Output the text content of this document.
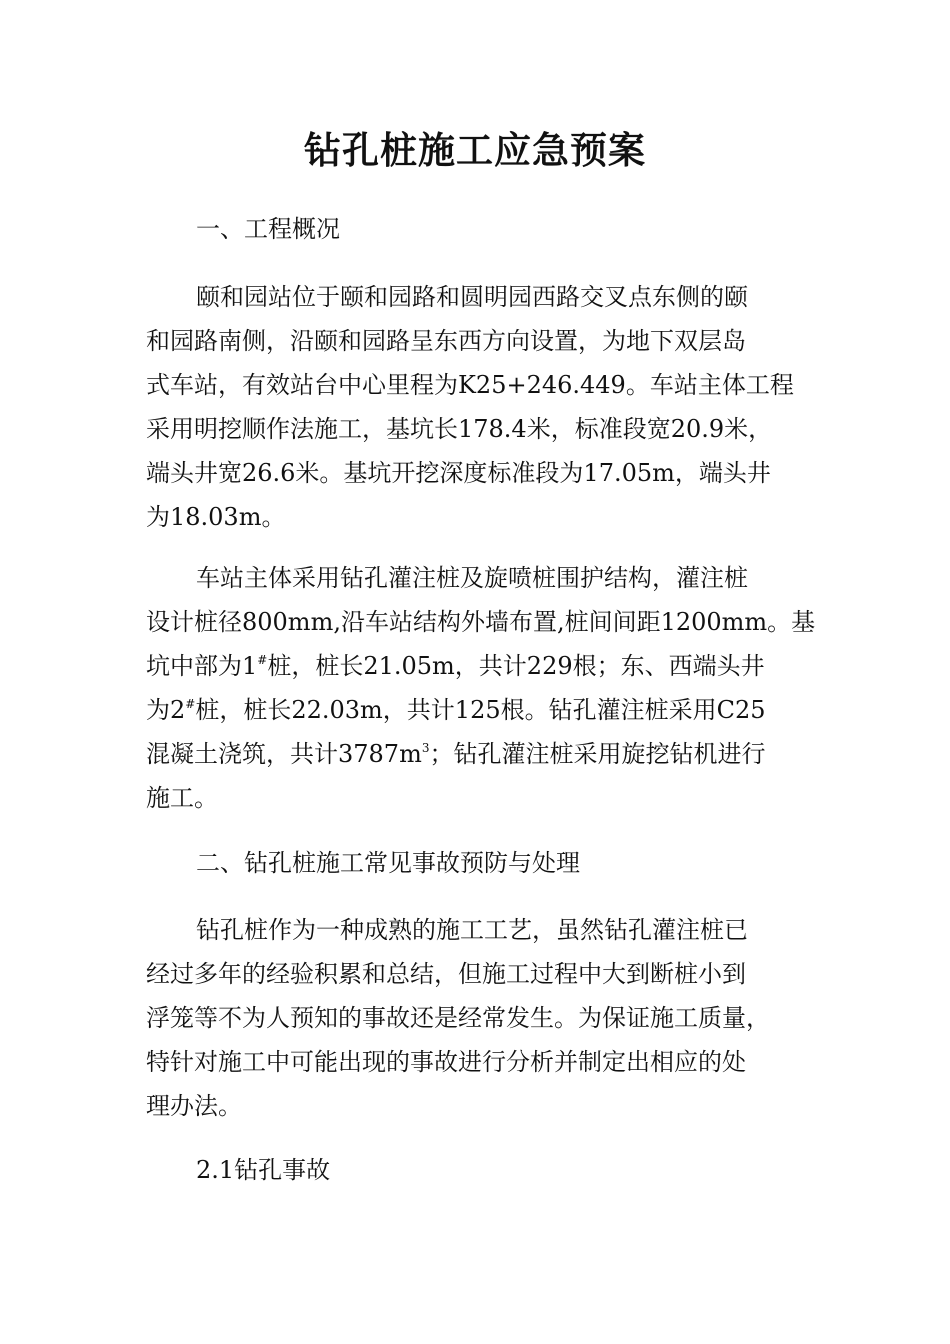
钻孔桩施工应急预案

一、工程概况

颐和园站位于颐和园路和圆明园西路交叉点东侧的颐
和园路南侧，沿颐和园路呈东西方向设置，为地下双层岛
式车站，有效站台中心里程为K25+246.449。车站主体工程
采用明挖顺作法施工，基坑长178.4米，标准段宽20.9米，
端头井宽26.6米。基坑开挖深度标准段为17.05m，端头井
为18.03m。
车站主体采用钻孔灌注桩及旋喷桩围护结构，灌注桩
设计桩径800mm,沿车站结构外墙布置,桩间间距1200mm。基
坑中部为1#桩，桩长21.05m，共计229根；东、西端头井
为2#桩，桩长22.03m，共计125根。钻孔灌注桩采用C25
混凝土浇筑，共计$3787m^3$；钻孔灌注桩采用旋挖钻机进行
施工。

二、钻孔桩施工常见事故预防与处理

钻孔桩作为一种成熟的施工工艺，虽然钻孔灌注桩已
经过多年的经验积累和总结，但施工过程中大到断桩小到
浮笼等不为人预知的事故还是经常发生。为保证施工质量，
特针对施工中可能出现的事故进行分析并制定出相应的处
理办法。

2.1钻孔事故
